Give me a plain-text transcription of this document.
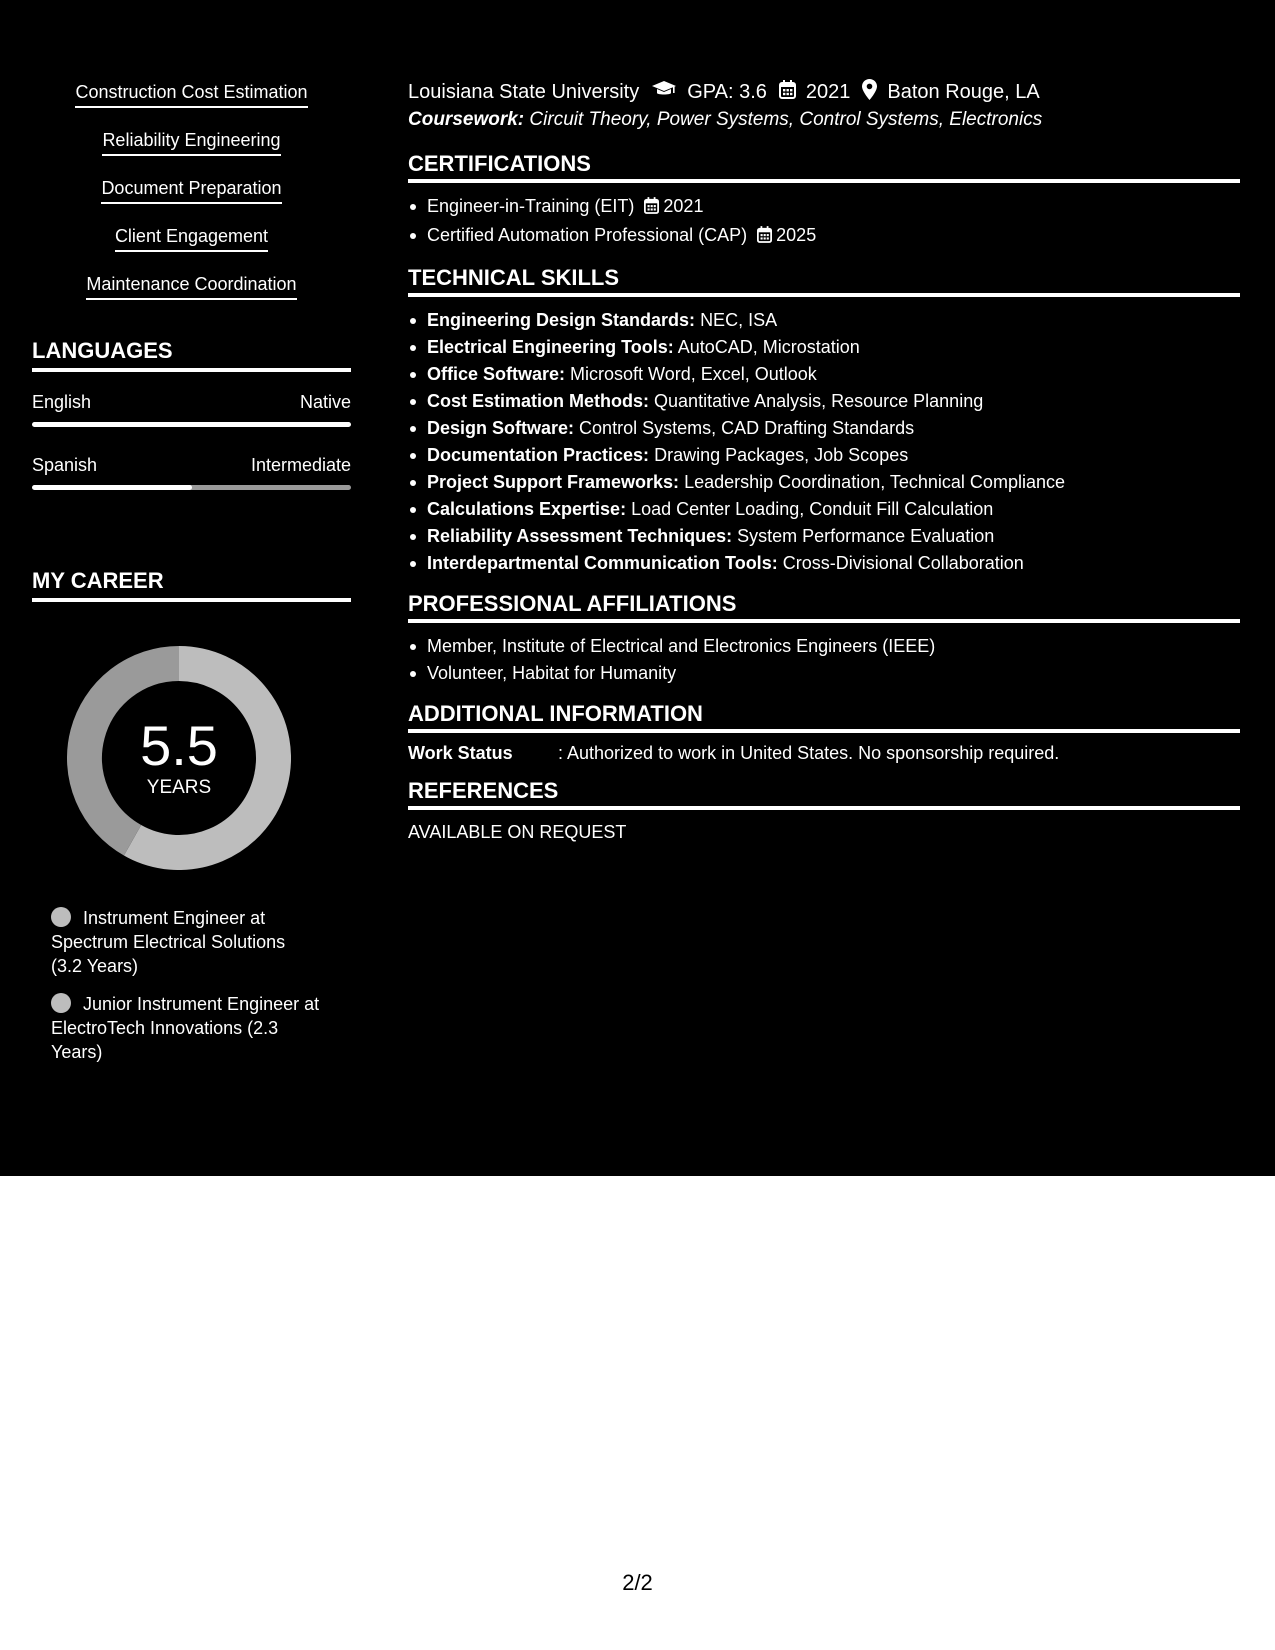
Construction Cost Estimation
Reliability Engineering
Document Preparation
Client Engagement
Maintenance Coordination
LANGUAGES
English	Native
Spanish	Intermediate
MY CAREER
5.5
YEARS
Instrument Engineer at Spectrum Electrical Solutions (3.2 Years)
Junior Instrument Engineer at ElectroTech Innovations (2.3 Years)
Louisiana State University GPA: 3.6 2021 Baton Rouge, LA
Coursework: Circuit Theory, Power Systems, Control Systems, Electronics
CERTIFICATIONS
Engineer-in-Training (EIT) 2021
Certified Automation Professional (CAP) 2025
TECHNICAL SKILLS
Engineering Design Standards: NEC, ISA
Electrical Engineering Tools: AutoCAD, Microstation
Office Software: Microsoft Word, Excel, Outlook
Cost Estimation Methods: Quantitative Analysis, Resource Planning
Design Software: Control Systems, CAD Drafting Standards
Documentation Practices: Drawing Packages, Job Scopes
Project Support Frameworks: Leadership Coordination, Technical Compliance
Calculations Expertise: Load Center Loading, Conduit Fill Calculation
Reliability Assessment Techniques: System Performance Evaluation
Interdepartmental Communication Tools: Cross-Divisional Collaboration
PROFESSIONAL AFFILIATIONS
Member, Institute of Electrical and Electronics Engineers (IEEE)
Volunteer, Habitat for Humanity
ADDITIONAL INFORMATION
Work Status	: Authorized to work in United States. No sponsorship required.
REFERENCES
AVAILABLE ON REQUEST
2/2
